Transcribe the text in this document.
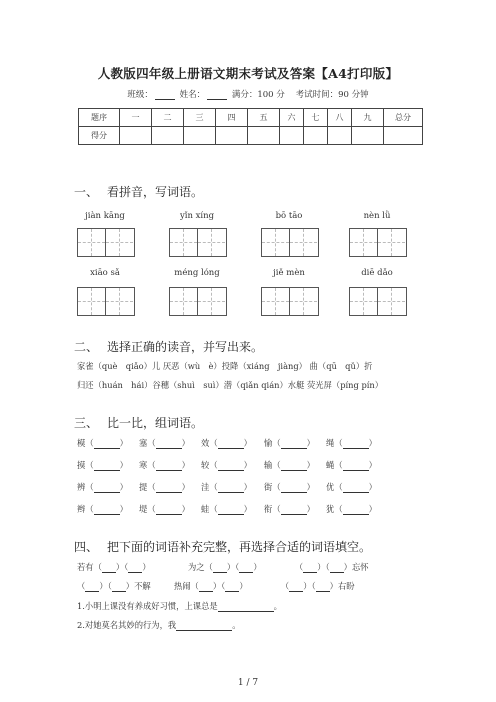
人教版四年级上册语文期末考试及答案【A4打印版】
班级：	姓名：	满分：100 分 考试时间：90 分钟
题序	一	二	三	四	五	六	七	八	九	总分
得分										
一、 看拼音，写词语。
jiàn kāng	yǐn xíng	bō tāo	nèn lǜ
xiāo sǎ	méng lóng	jiě mèn	diē dǎo
二、 选择正确的读音，并写出来。
家雀（què　qiǎo）儿 厌恶（wù　è）投降（xiáng　jiàng） 曲（qū　qǔ）折
归还（huán　hái）谷穗（shuì　suì）潜（qiǎn qián）水艇 荧光屏（píng pín）
三、 比一比，组词语。
模（	） 塞（	） 效（	） 愉（	） 绳（	）
摸（	） 寒（	） 较（	） 输（	） 蝇（	）
辨（	） 提（	） 洼（	） 街（	） 优（	）
辫（	） 堤（	） 蛙（	） 衔（	） 犹（	）
四、 把下面的词语补充完整，再选择合适的词语填空。
若有（ ）（ ）	为之（ ）（ ）	（ ）（ ）忘怀
（ ）（ ）不解	热闹（ ）（ ）	（ ）（ ）右盼
1.小明上课没有养成好习惯，上课总是	。
2.对她莫名其妙的行为，我	。
1 / 7
